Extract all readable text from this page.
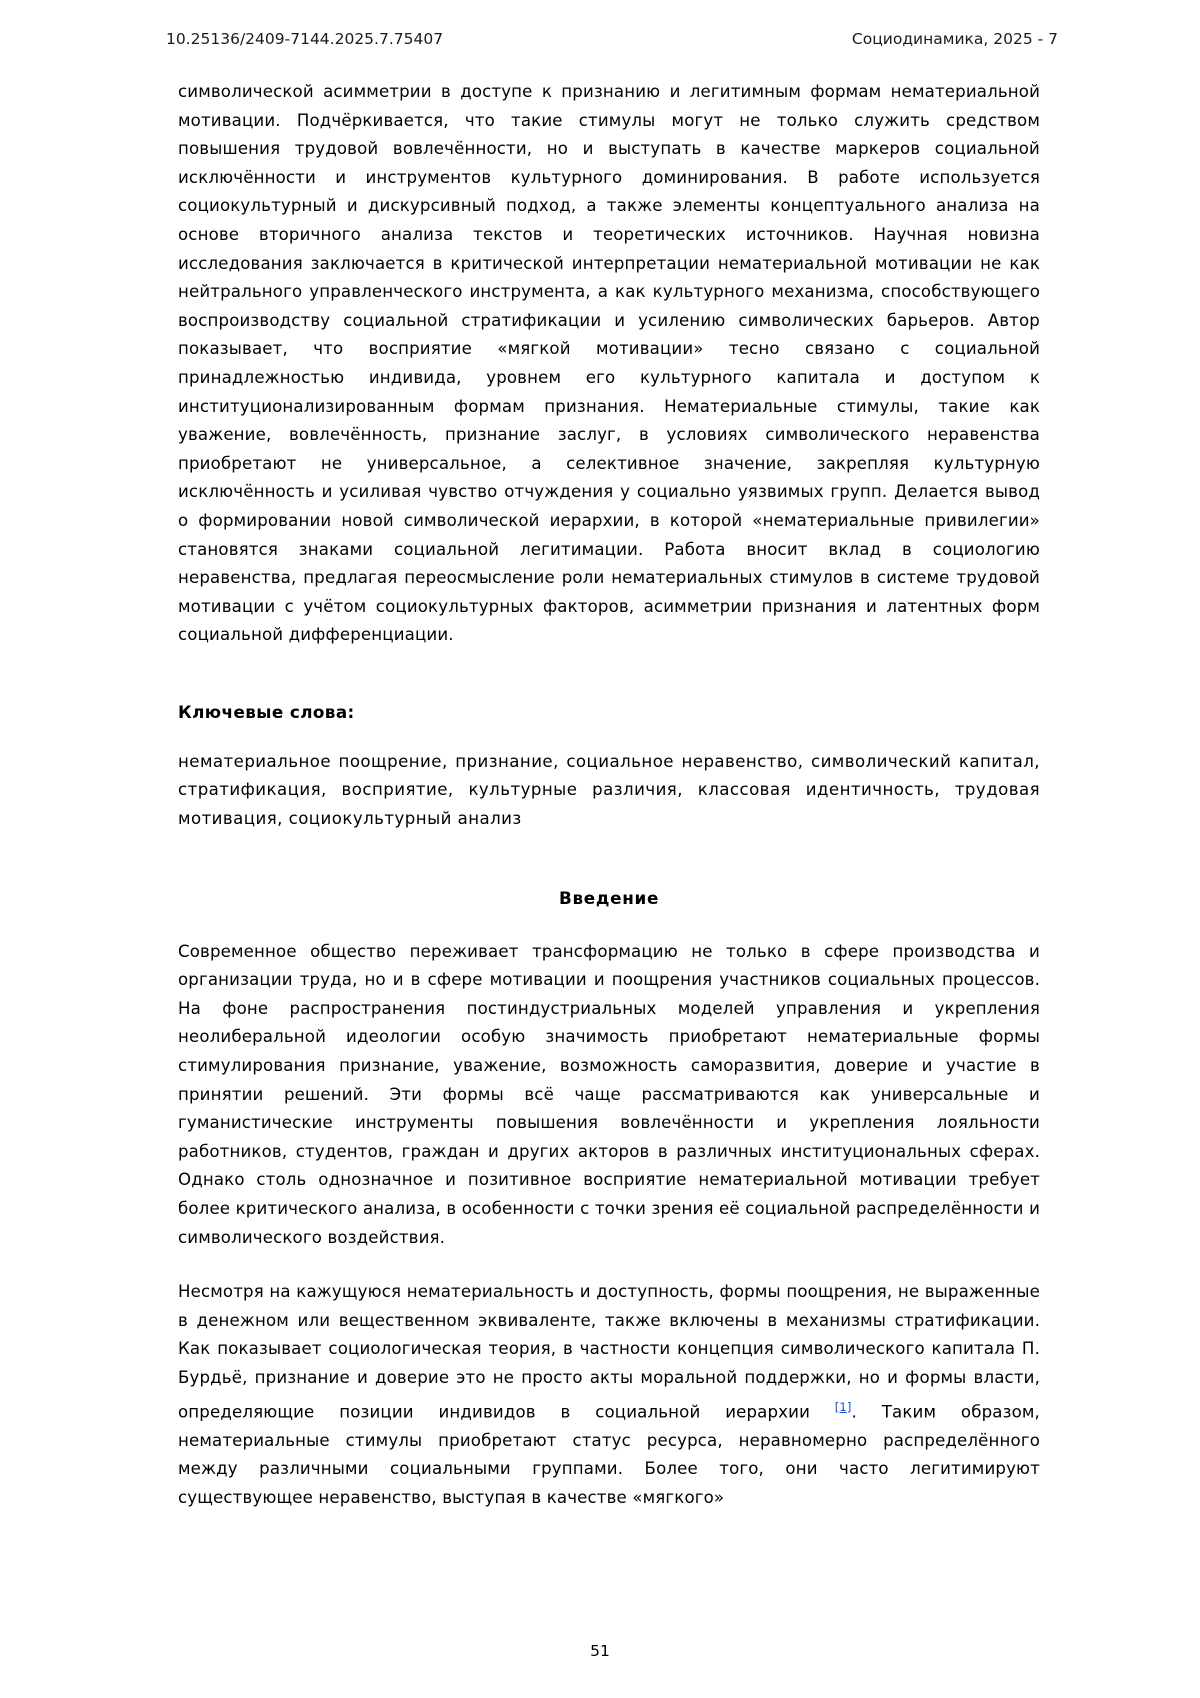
10.25136/2409-7144.2025.7.75407	Социодинамика, 2025 - 7

символической асимметрии в доступе к признанию и легитимным формам нематериальной мотивации. Подчёркивается, что такие стимулы могут не только служить средством повышения трудовой вовлечённости, но и выступать в качестве маркеров социальной исключённости и инструментов культурного доминирования. В работе используется социокультурный и дискурсивный подход, а также элементы концептуального анализа на основе вторичного анализа текстов и теоретических источников. Научная новизна исследования заключается в критической интерпретации нематериальной мотивации не как нейтрального управленческого инструмента, а как культурного механизма, способствующего воспроизводству социальной стратификации и усилению символических барьеров. Автор показывает, что восприятие «мягкой мотивации» тесно связано с социальной принадлежностью индивида, уровнем его культурного капитала и доступом к институционализированным формам признания. Нематериальные стимулы, такие как уважение, вовлечённость, признание заслуг, в условиях символического неравенства приобретают не универсальное, а селективное значение, закрепляя культурную исключённость и усиливая чувство отчуждения у социально уязвимых групп. Делается вывод о формировании новой символической иерархии, в которой «нематериальные привилегии» становятся знаками социальной легитимации. Работа вносит вклад в социологию неравенства, предлагая переосмысление роли нематериальных стимулов в системе трудовой мотивации с учётом социокультурных факторов, асимметрии признания и латентных форм социальной дифференциации.

Ключевые слова:
нематериальное поощрение, признание, социальное неравенство, символический капитал, стратификация, восприятие, культурные различия, классовая идентичность, трудовая мотивация, социокультурный анализ
Введение

Современное общество переживает трансформацию не только в сфере производства и организации труда, но и в сфере мотивации и поощрения участников социальных процессов. На фоне распространения постиндустриальных моделей управления и укрепления неолиберальной идеологии особую значимость приобретают нематериальные формы стимулирования признание, уважение, возможность саморазвития, доверие и участие в принятии решений. Эти формы всё чаще рассматриваются как универсальные и гуманистические инструменты повышения вовлечённости и укрепления лояльности работников, студентов, граждан и других акторов в различных институциональных сферах. Однако столь однозначное и позитивное восприятие нематериальной мотивации требует более критического анализа, в особенности с точки зрения её социальной распределённости и символического воздействия.

Несмотря на кажущуюся нематериальность и доступность, формы поощрения, не выраженные в денежном или вещественном эквиваленте, также включены в механизмы стратификации. Как показывает социологическая теория, в частности концепция символического капитала П. Бурдьё, признание и доверие это не просто акты моральной поддержки, но и формы власти, определяющие позиции индивидов в социальной иерархии [1]. Таким образом, нематериальные стимулы приобретают статус ресурса, неравномерно распределённого между различными социальными группами. Более того, они часто легитимируют существующее неравенство, выступая в качестве «мягкого»

51
